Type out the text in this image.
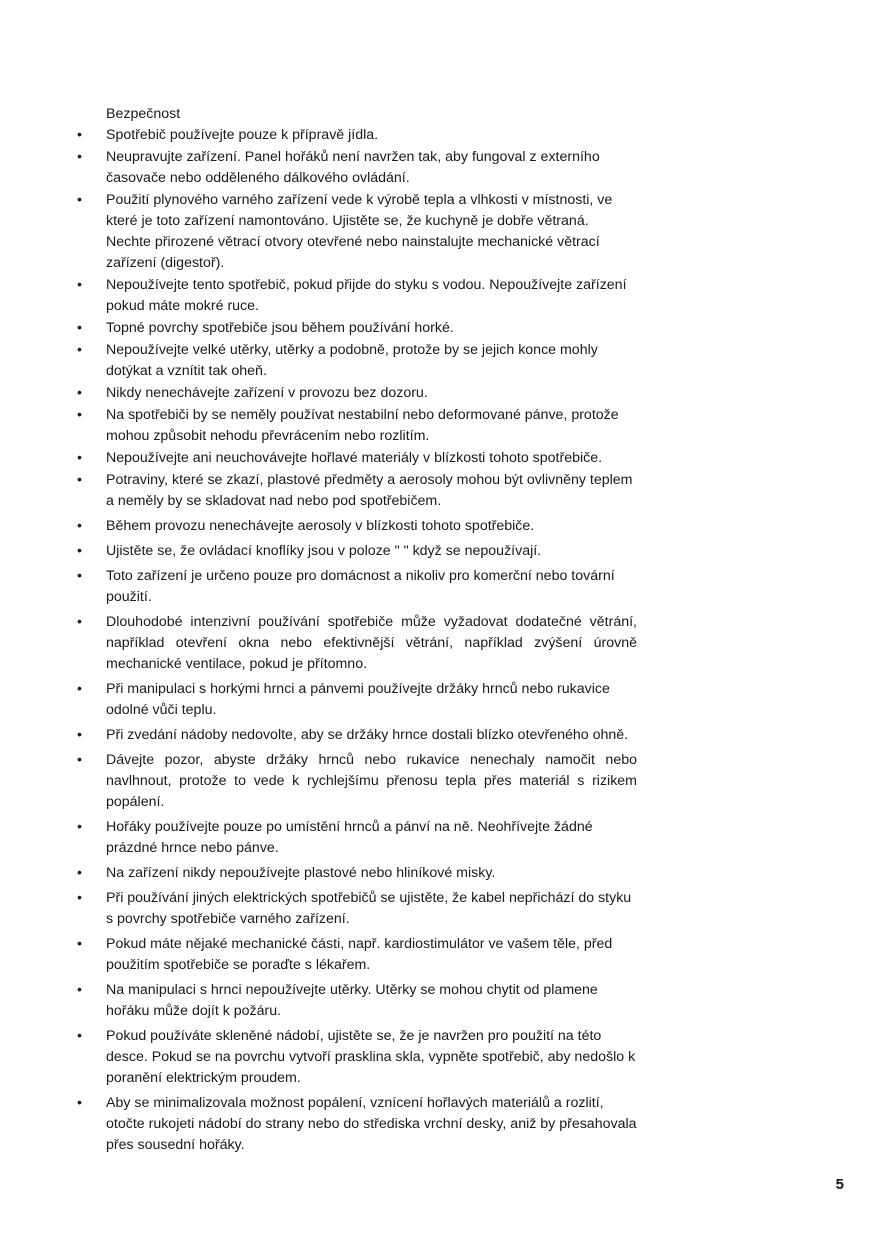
Bezpečnost

•	Spotřebič používejte pouze k přípravě jídla.
•	Neupravujte zařízení. Panel hořáků není navržen tak, aby fungoval z externího časovače nebo odděleného dálkového ovládání.
•	Použití plynového varného zařízení vede k výrobě tepla a vlhkosti v místnosti, ve které je toto zařízení namontováno. Ujistěte se, že kuchyně je dobře větraná. Nechte přirozené větrací otvory otevřené nebo nainstalujte mechanické větrací zařízení (digestoř).
•	Nepoužívejte tento spotřebič, pokud přijde do styku s vodou. Nepoužívejte zařízení pokud máte mokré ruce.
•	Topné povrchy spotřebiče jsou během používání horké.
•	Nepoužívejte velké utěrky, utěrky a podobně, protože by se jejich konce mohly dotýkat a vznítit tak oheň.
•	Nikdy nenechávejte zařízení v provozu bez dozoru.
•	Na spotřebiči by se neměly používat nestabilní nebo deformované pánve, protože mohou způsobit nehodu převrácením nebo rozlitím.
•	Nepoužívejte ani neuchovávejte hořlavé materiály v blízkosti tohoto spotřebiče.
•	Potraviny, které se zkazí, plastové předměty a aerosoly mohou být ovlivněny teplem a neměly by se skladovat nad nebo pod spotřebičem.
•	Během provozu nenechávejte aerosoly v blízkosti tohoto spotřebiče.
•	Ujistěte se, že ovládací knoflíky jsou v poloze " " když se nepoužívají.
•	Toto zařízení je určeno pouze pro domácnost a nikoliv pro komerční nebo tovární použití.
•	Dlouhodobé intenzivní používání spotřebiče může vyžadovat dodatečné větrání, například otevření okna nebo efektivnější větrání, například zvýšení úrovně mechanické ventilace, pokud je přítomno.
•	Při manipulaci s horkými hrnci a pánvemi používejte držáky hrnců nebo rukavice odolné vůči teplu.
•	Při zvedání nádoby nedovolte, aby se držáky hrnce dostali blízko otevřeného ohně.
•	Dávejte pozor, abyste držáky hrnců nebo rukavice nenechaly namočit nebo navlhnout, protože to vede k rychlejšímu přenosu tepla přes materiál s rizikem popálení.
•	Hořáky používejte pouze po umístění hrnců a pánví na ně. Neohřívejte žádné prázdné hrnce nebo pánve.
•	Na zařízení nikdy nepoužívejte plastové nebo hliníkové misky.
•	Při používání jiných elektrických spotřebičů se ujistěte, že kabel nepřichází do styku s povrchy spotřebiče varného zařízení.
•	Pokud máte nějaké mechanické části, např. kardiostimulátor ve vašem těle, před použitím spotřebiče se poraďte s lékařem.
•	Na manipulaci s hrnci nepoužívejte utěrky. Utěrky se mohou chytit od plamene hořáku může dojít k požáru.
•	Pokud používáte skleněné nádobí, ujistěte se, že je navržen pro použití na této desce. Pokud se na povrchu vytvoří prasklina skla, vypněte spotřebič, aby nedošlo k poranění elektrickým proudem.
•	Aby se minimalizovala možnost popálení, vznícení hořlavých materiálů a rozlití, otočte rukojeti nádobí do strany nebo do střediska vrchní desky, aniž by přesahovala přes sousední hořáky.
5
